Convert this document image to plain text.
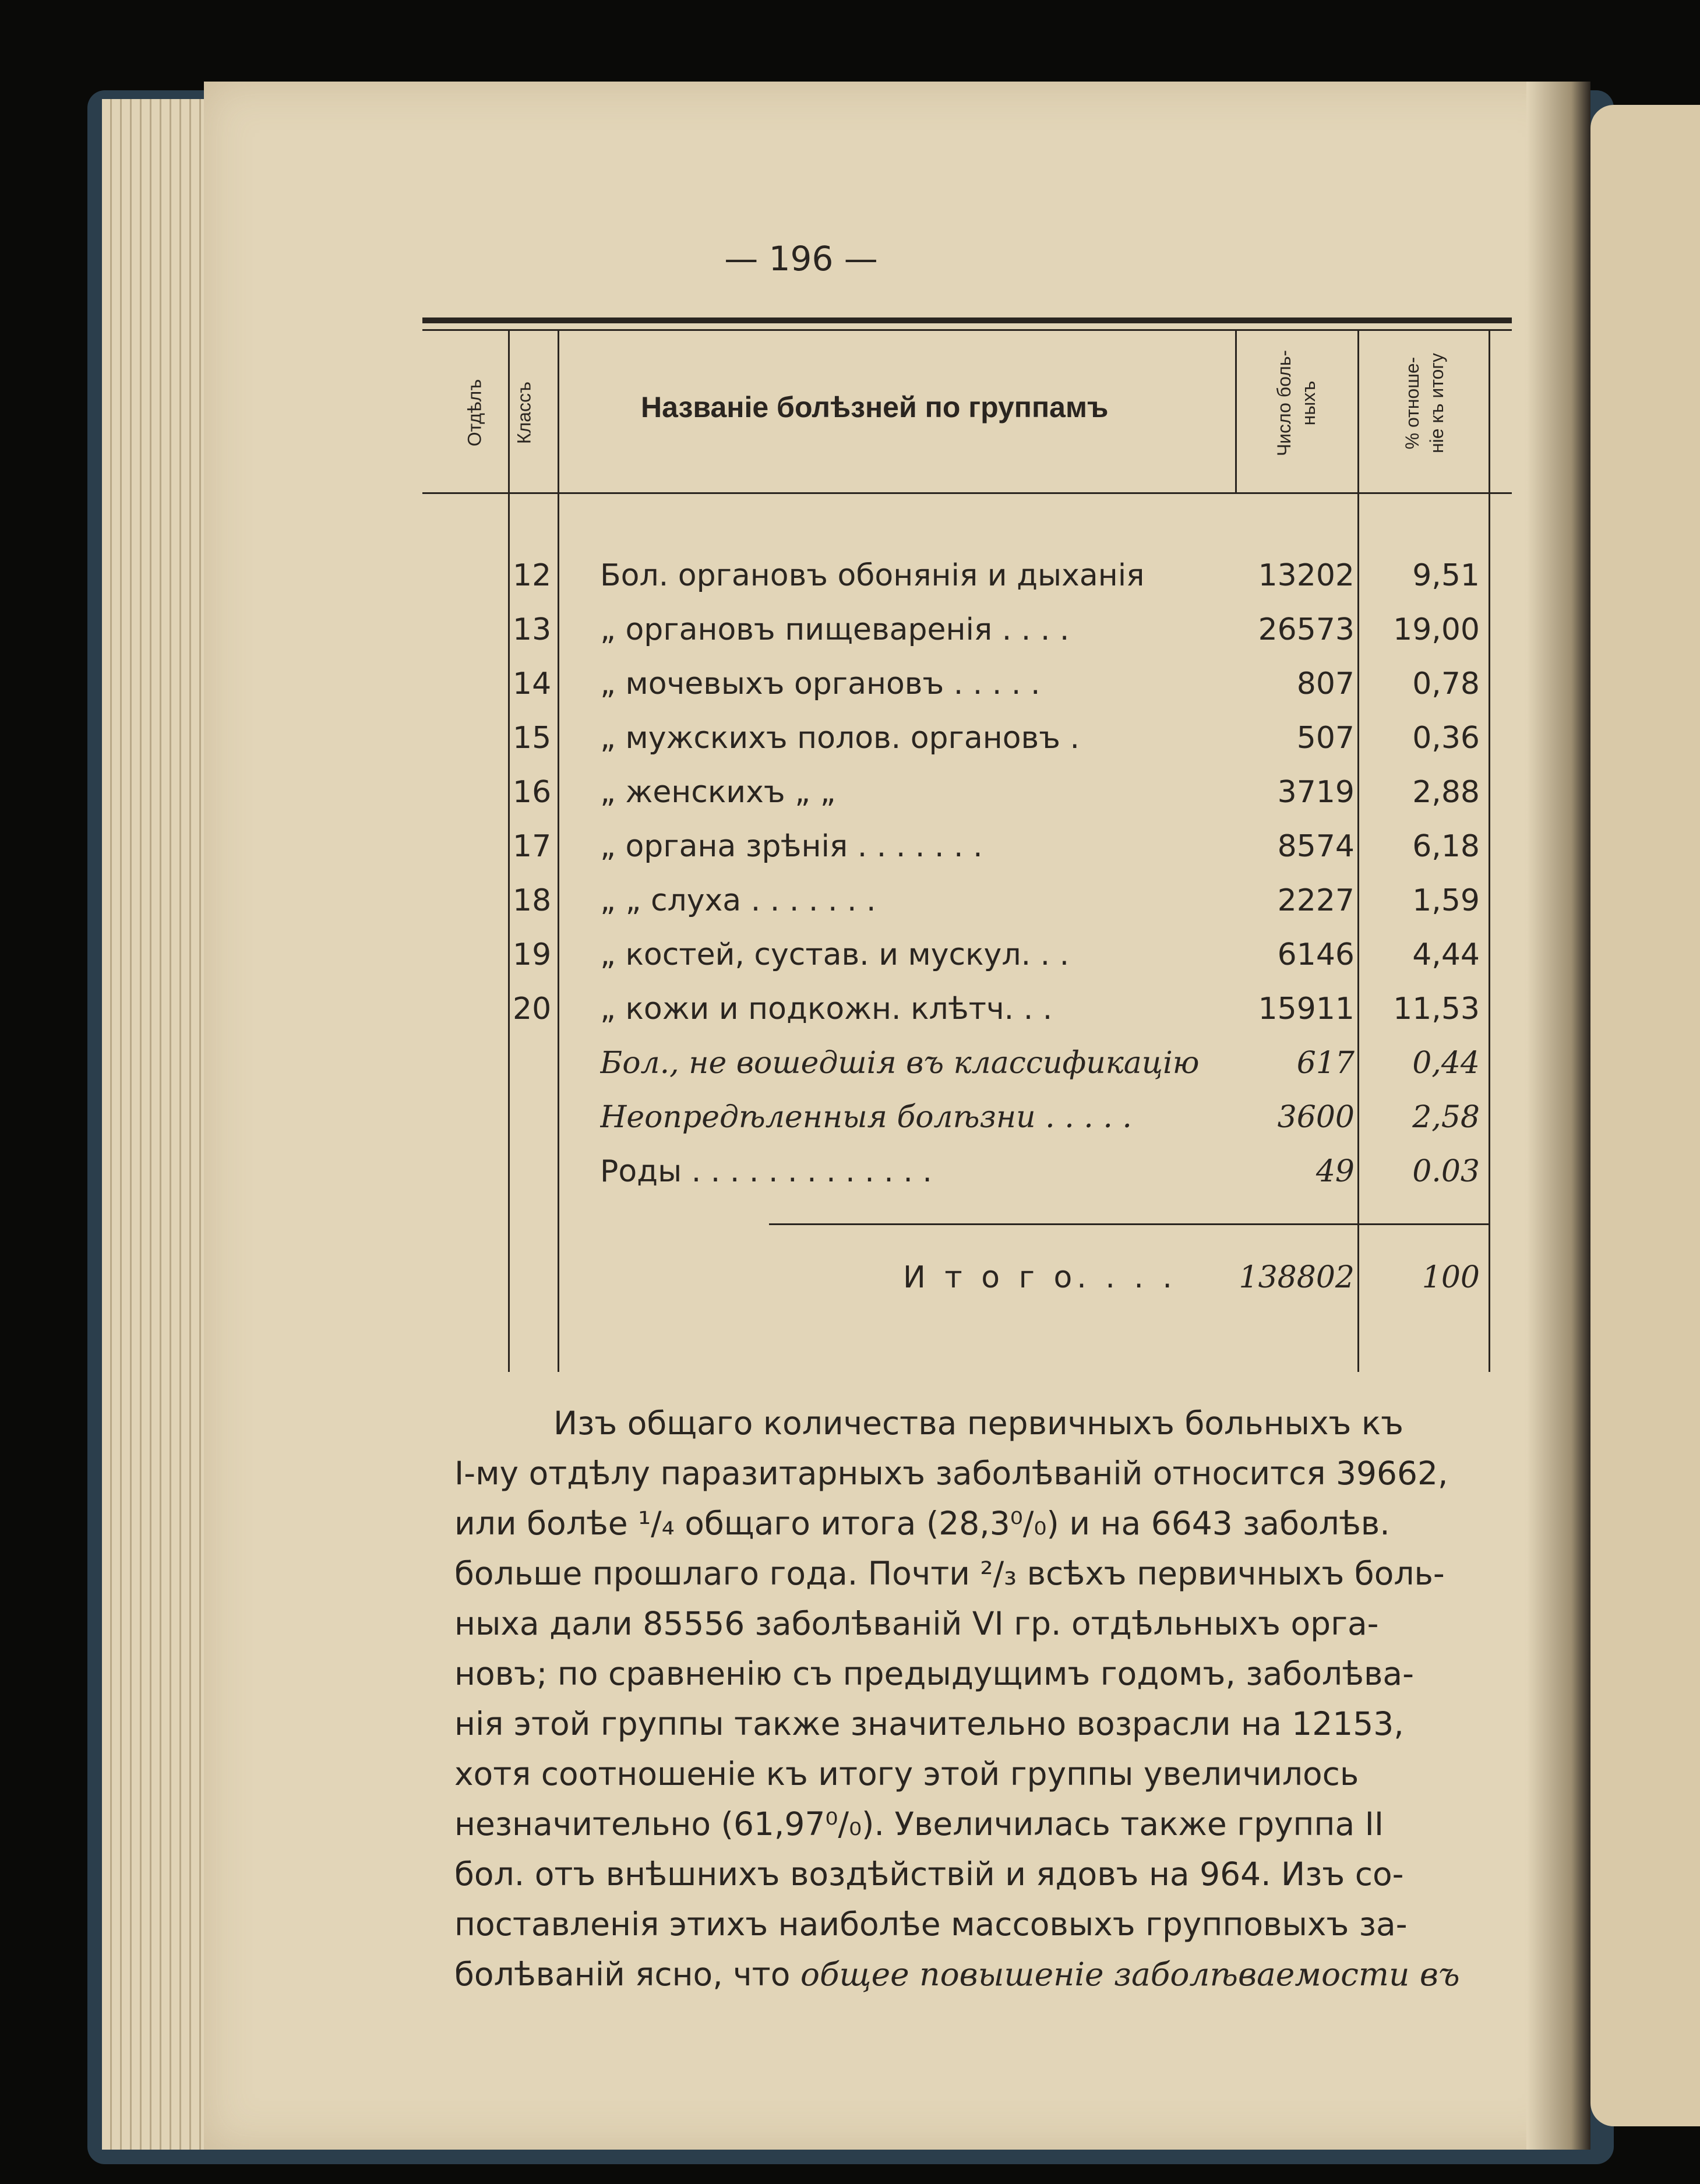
— 196 —
Отдѣлъ Классъ	Названіе болѣзней по группамъ	Число боль- ныхъ	% отноше- ніе къ итогу
12 Бол. органовъ обонянія и дыханія	13202	9,51
13 „ органовъ пищеваренія . . . .	26573	19,00
14 „ мочевыхъ органовъ . . . . .	807	0,78
15 „ мужскихъ полов. органовъ .	507	0,36
16 „ женскихъ „ „	3719	2,88
17 „ органа зрѣнія . . . . . . .	8574	6,18
18 „ „ слуха . . . . . . .	2227	1,59
19 „ костей, сустав. и мускул. . .	6146	4,44
20 „ кожи и подкожн. клѣтч. . .	15911	11,53
Бол., не вошедшія въ классификацію	617	0,44
Неопредѣленныя болѣзни . . . . .	3600	2,58
Роды . . . . . . . . . . . . .	49	0.03
И т о г о. . . .	138802	100
Изъ общаго количества первичныхъ больныхъ къ
І-му отдѣлу паразитарныхъ заболѣваній относится 39662,
или болѣе ¹/₄ общаго итога (28,3⁰/₀) и на 6643 заболѣв.
больше прошлаго года. Почти ²/₃ всѣхъ первичныхъ боль-
ныха дали 85556 заболѣваній VI гр. отдѣльныхъ орга-
новъ; по сравненію съ предыдущимъ годомъ, заболѣва-
нія этой группы также значительно возрасли на 12153,
хотя соотношеніе къ итогу этой группы увеличилось
незначительно (61,97⁰/₀). Увеличилась также группа II
бол. отъ внѣшнихъ воздѣйствій и ядовъ на 964. Изъ со-
поставленія этихъ наиболѣе массовыхъ групповыхъ за-
болѣваній ясно, что общее повышеніе заболѣваемости въ
